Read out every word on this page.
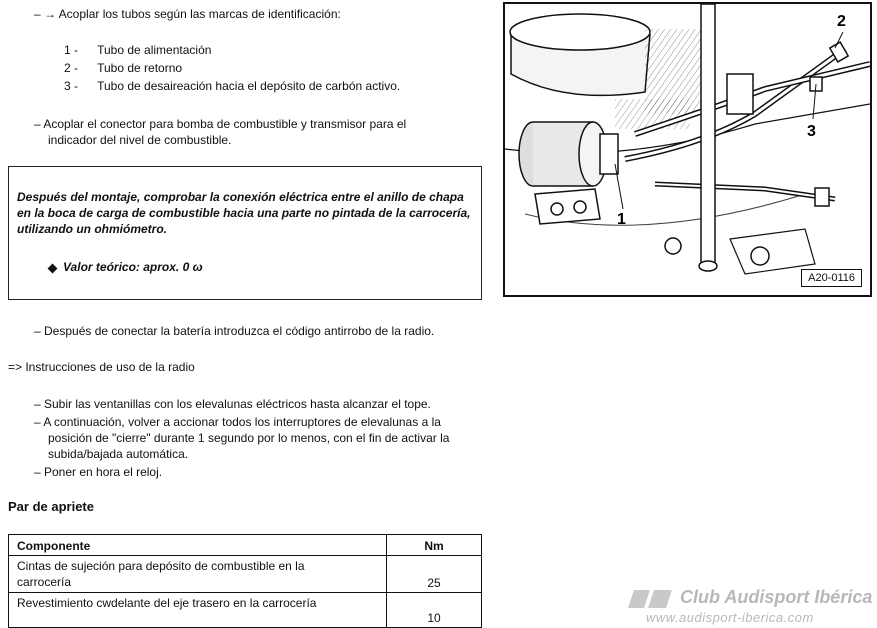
– → Acoplar los tubos según las marcas de identificación:
1 - Tubo de alimentación
2 - Tubo de retorno
3 - Tubo de desaireación hacia el depósito de carbón activo.
– Acoplar el conector para bomba de combustible y transmisor para el
indicador del nivel de combustible.
Después del montaje, comprobar la conexión eléctrica entre el anillo de chapa en la boca de carga de combustible hacia una parte no pintada de la carrocería, utilizando un ohmiómetro.
Valor teórico: aprox. 0 ω
– Después de conectar la batería introduzca el código antirrobo de la radio.
=> Instrucciones de uso de la radio
– Subir las ventanillas con los elevalunas eléctricos hasta alcanzar el tope.
– A continuación, volver a accionar todos los interruptores de elevalunas a la
posición de "cierre" durante 1 segundo por lo menos, con el fin de activar la
subida/bajada automática.
– Poner en hora el reloj.
Par de apriete
Componente	Nm

Cintas de sujeción para depósito de combustible en la
carrocería	25

Revestimiento cwdelante del eje trasero en la carrocería	10
1
2
3
A20-0116
Club Audisport Ibérica
www.audisport-iberica.com
